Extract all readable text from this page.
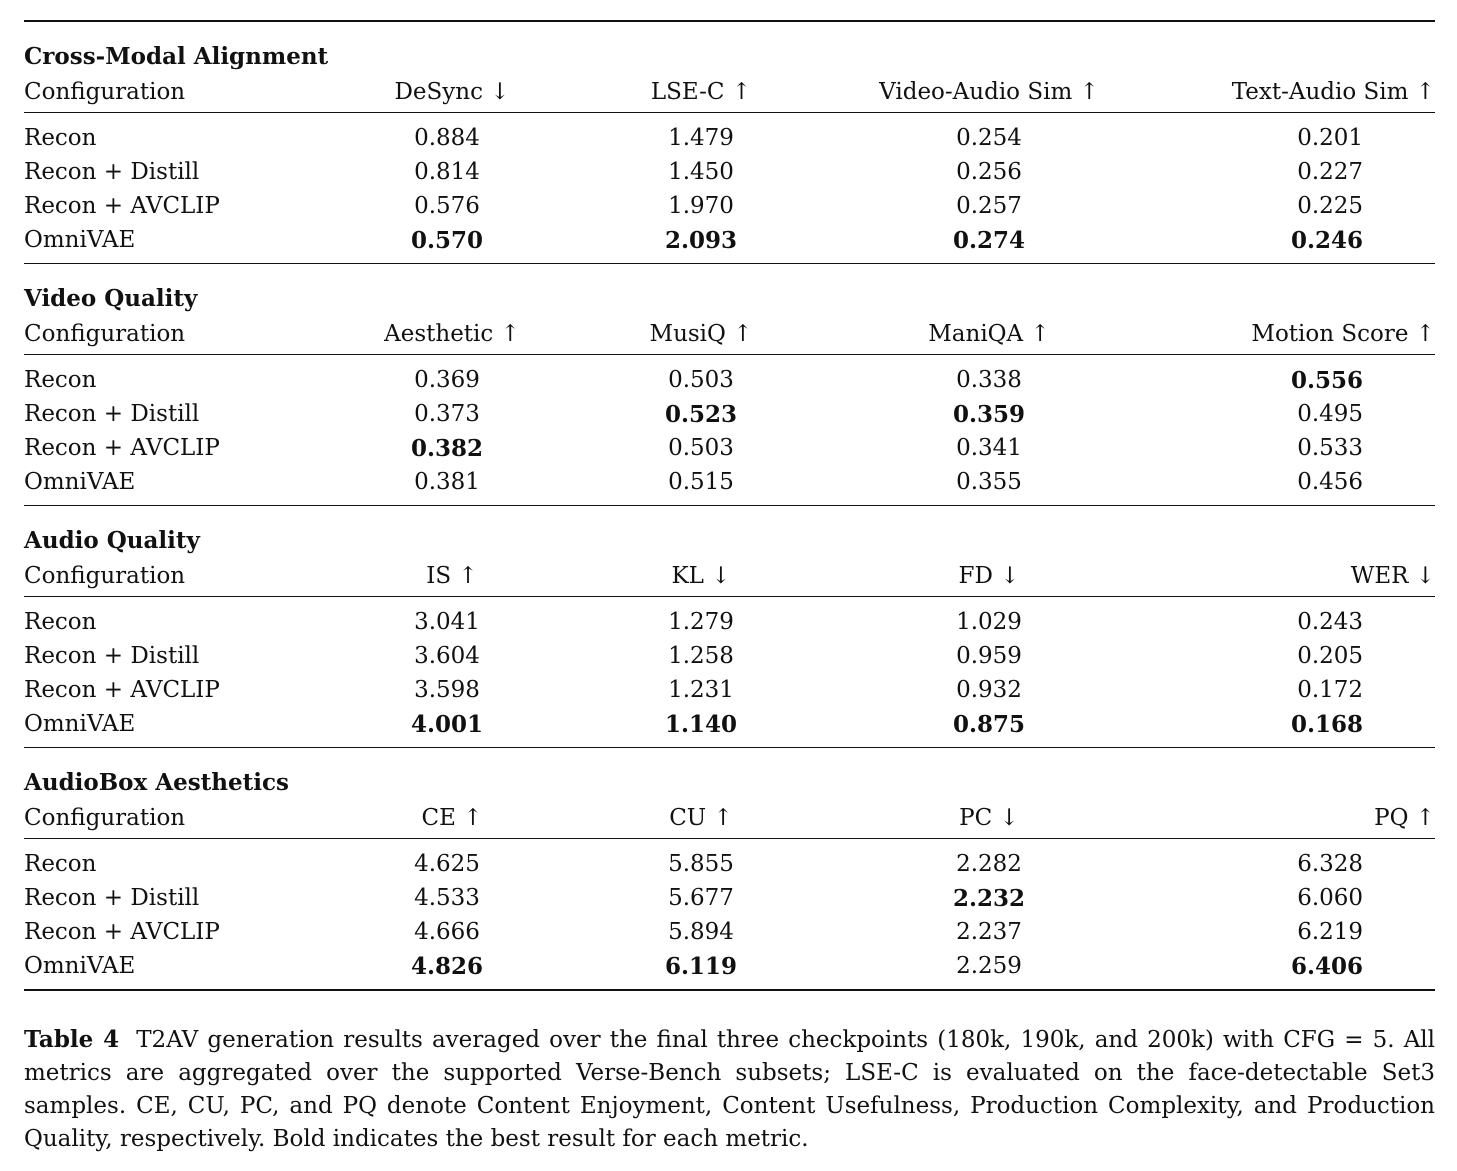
Cross-Modal Alignment				
Configuration	DeSync ↓	LSE-C ↑	Video-Audio Sim ↑	Text-Audio Sim ↑
Recon	0.884	1.479	0.254	0.201
Recon + Distill	0.814	1.450	0.256	0.227
Recon + AVCLIP	0.576	1.970	0.257	0.225
OmniVAE	0.570	2.093	0.274	0.246
Video Quality				
Configuration	Aesthetic ↑	MusiQ ↑	ManiQA ↑	Motion Score ↑
Recon	0.369	0.503	0.338	0.556
Recon + Distill	0.373	0.523	0.359	0.495
Recon + AVCLIP	0.382	0.503	0.341	0.533
OmniVAE	0.381	0.515	0.355	0.456
Audio Quality				
Configuration	IS ↑	KL ↓	FD ↓	WER ↓
Recon	3.041	1.279	1.029	0.243
Recon + Distill	3.604	1.258	0.959	0.205
Recon + AVCLIP	3.598	1.231	0.932	0.172
OmniVAE	4.001	1.140	0.875	0.168
AudioBox Aesthetics				
Configuration	CE ↑	CU ↑	PC ↓	PQ ↑
Recon	4.625	5.855	2.282	6.328
Recon + Distill	4.533	5.677	2.232	6.060
Recon + AVCLIP	4.666	5.894	2.237	6.219
OmniVAE	4.826	6.119	2.259	6.406

Table 4 T2AV generation results averaged over the final three checkpoints (180k, 190k, and 200k) with CFG = 5. All metrics are aggregated over the supported Verse-Bench subsets; LSE-C is evaluated on the face-detectable Set3 samples. CE, CU, PC, and PQ denote Content Enjoyment, Content Usefulness, Production Complexity, and Production Quality, respectively. Bold indicates the best result for each metric.
